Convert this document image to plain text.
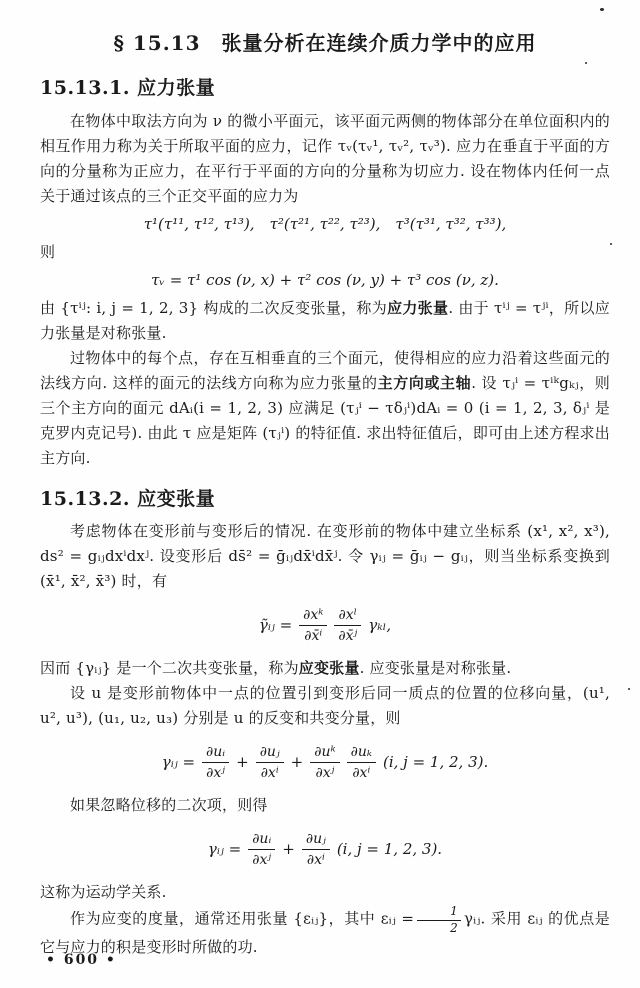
§ 15.13　张量分析在连续介质力学中的应用
15.13.1. 应力张量

在物体中取法方向为 ν 的微小平面元，该平面元两侧的物体部分在单位面积内的相互作用力称为关于所取平面的应力，记作 τᵥ(τᵥ¹, τᵥ², τᵥ³). 应力在垂直于平面的方向的分量称为正应力，在平行于平面的方向的分量称为切应力. 设在物体内任何一点关于通过该点的三个正交平面的应力为

τ¹(τ¹¹, τ¹², τ¹³),　τ²(τ²¹, τ²², τ²³),　τ³(τ³¹, τ³², τ³³),

则

τᵥ = τ¹ cos (ν, x) + τ² cos (ν, y) + τ³ cos (ν, z).

由 {τⁱʲ: i, j = 1, 2, 3} 构成的二次反变张量，称为应力张量. 由于 τⁱʲ = τʲⁱ，所以应力张量是对称张量.

过物体中的每个点，存在互相垂直的三个面元，使得相应的应力沿着这些面元的法线方向. 这样的面元的法线方向称为应力张量的主方向或主轴. 设 τⱼⁱ = τⁱᵏgₖⱼ，则三个主方向的面元 dAᵢ(i = 1, 2, 3) 应满足 (τⱼⁱ − τδⱼⁱ)dAᵢ = 0 (i = 1, 2, 3, δⱼⁱ 是克罗内克记号). 由此 τ 应是矩阵 (τⱼⁱ) 的特征值. 求出特征值后，即可由上述方程求出主方向.

15.13.2. 应变张量

考虑物体在变形前与变形后的情况. 在变形前的物体中建立坐标系 (x¹, x², x³), ds² = gᵢⱼdxⁱdxʲ. 设变形后 ds̄² = ḡᵢⱼdx̄ⁱdx̄ʲ. 令 γᵢⱼ = ḡᵢⱼ − gᵢⱼ，则当坐标系变换到 (x̄¹, x̄², x̄³) 时，有

γ̃ᵢⱼ = $\frac{\text{∂xᵏ}}{\text{∂x̄ⁱ}} \frac{\text{∂xˡ}}{\text{∂x̄ʲ}} \gamma_{kl}$,

因而 {γᵢⱼ} 是一个二次共变张量，称为应变张量. 应变张量是对称张量.

设 u 是变形前物体中一点的位置引到变形后同一质点的位置的位移向量，(u¹, u², u³), (u₁, u₂, u₃) 分别是 u 的反变和共变分量，则

γᵢⱼ = $\frac{\text{∂uᵢ}}{\text{∂xʲ}} + \frac{\text{∂uⱼ}}{\text{∂xⁱ}} + \frac{\text{∂uᵏ}}{\text{∂xʲ}} \frac{\text{∂uₖ}}{\text{∂xⁱ}} (i$, j = 1, 2, 3).

如果忽略位移的二次项，则得

γᵢⱼ = $\frac{\text{∂uᵢ}}{\text{∂xʲ}} + \frac{\text{∂uⱼ}}{\text{∂xⁱ}} (i$, j = 1, 2, 3).

这称为运动学关系.

作为应变的度量，通常还用张量 {εᵢⱼ}，其中 εᵢⱼ = $\frac{1}{2}$ γᵢⱼ. 采用 εᵢⱼ 的优点是它与应力的积是变形时所做的功.

• 600 •
